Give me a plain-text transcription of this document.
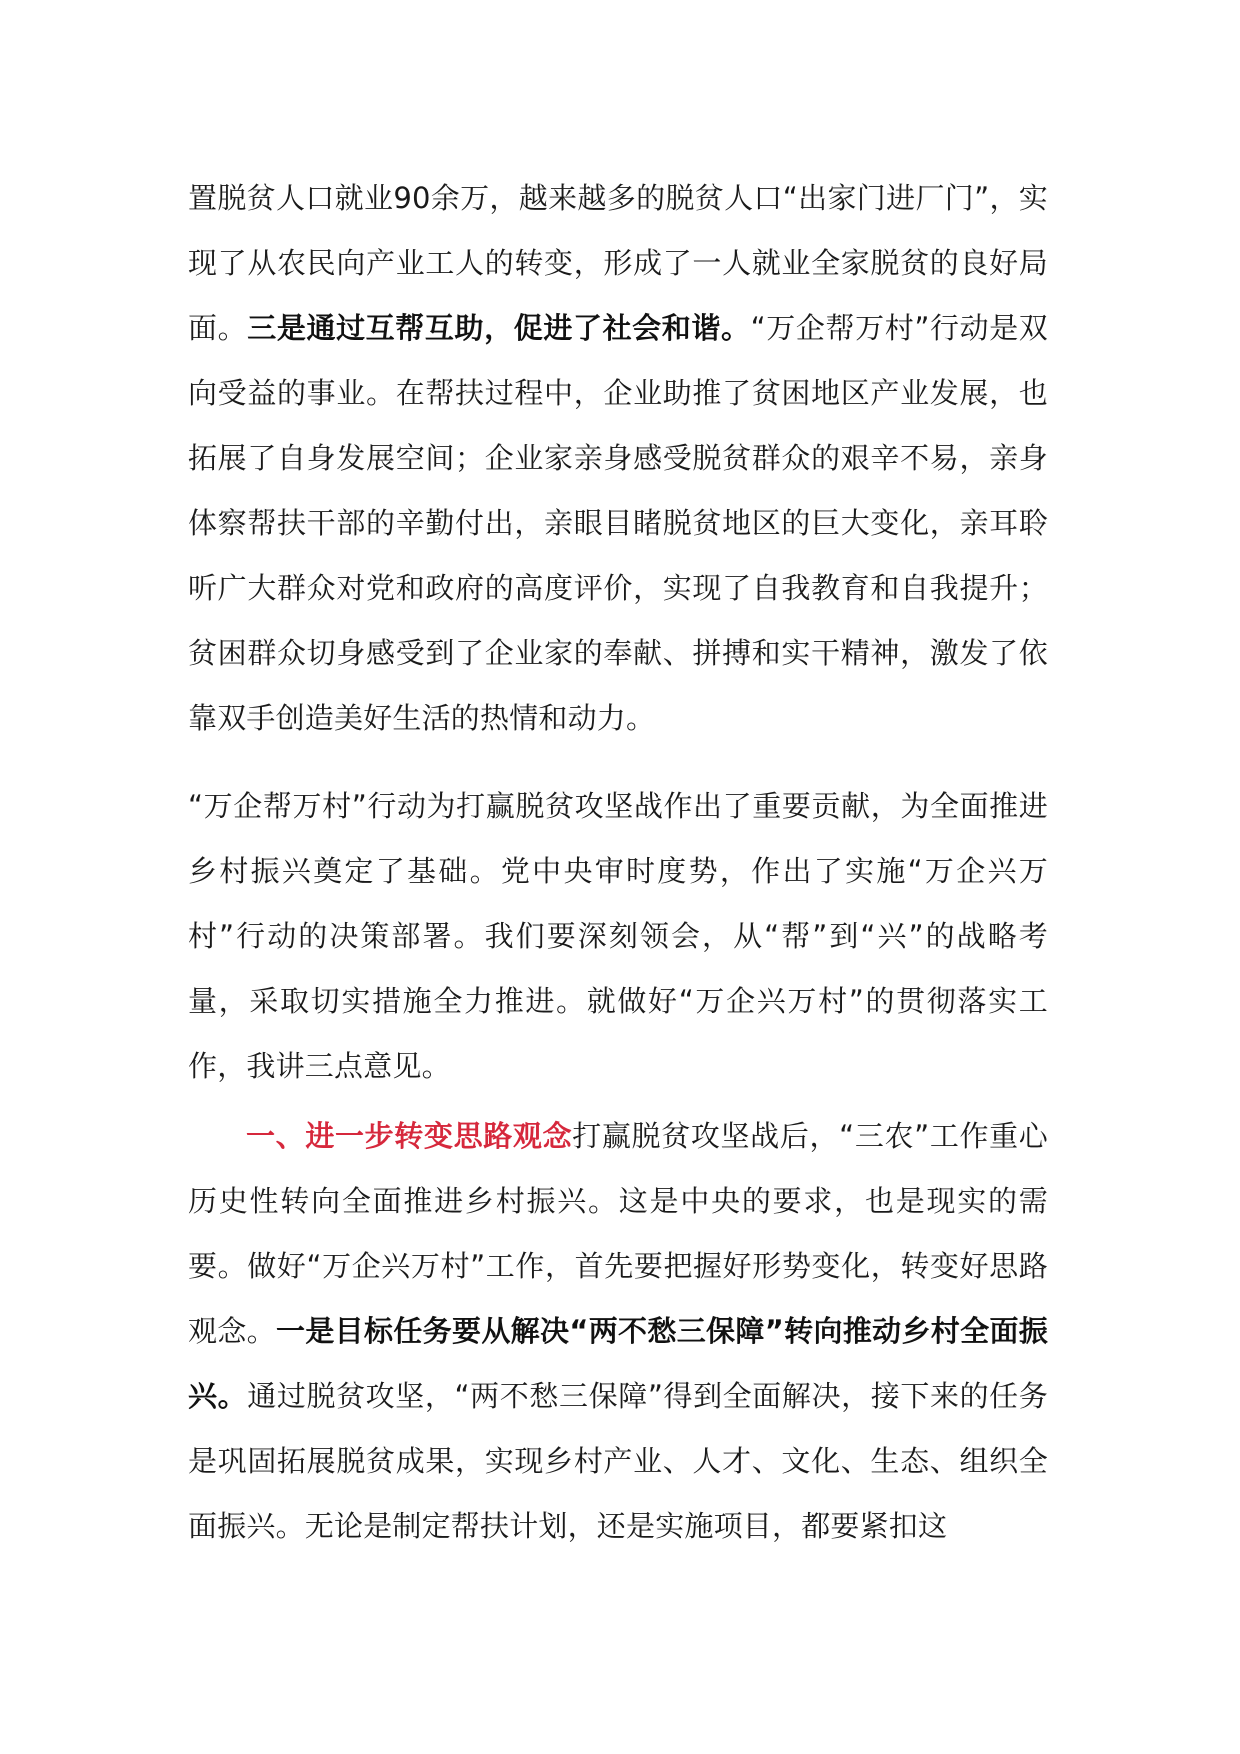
置脱贫人口就业90余万，越来越多的脱贫人口“出家门进厂门”，实现了从农民向产业工人的转变，形成了一人就业全家脱贫的良好局面。三是通过互帮互助，促进了社会和谐。“万企帮万村”行动是双向受益的事业。在帮扶过程中，企业助推了贫困地区产业发展，也拓展了自身发展空间；企业家亲身感受脱贫群众的艰辛不易，亲身体察帮扶干部的辛勤付出，亲眼目睹脱贫地区的巨大变化，亲耳聆听广大群众对党和政府的高度评价，实现了自我教育和自我提升；贫困群众切身感受到了企业家的奉献、拼搏和实干精神，激发了依靠双手创造美好生活的热情和动力。

“万企帮万村”行动为打赢脱贫攻坚战作出了重要贡献，为全面推进乡村振兴奠定了基础。党中央审时度势，作出了实施“万企兴万村”行动的决策部署。我们要深刻领会，从“帮”到“兴”的战略考量，采取切实措施全力推进。就做好“万企兴万村”的贯彻落实工作，我讲三点意见。

一、进一步转变思路观念打赢脱贫攻坚战后，“三农”工作重心历史性转向全面推进乡村振兴。这是中央的要求，也是现实的需要。做好“万企兴万村”工作，首先要把握好形势变化，转变好思路观念。一是目标任务要从解决“两不愁三保障”转向推动乡村全面振兴。通过脱贫攻坚，“两不愁三保障”得到全面解决，接下来的任务是巩固拓展脱贫成果，实现乡村产业、人才、文化、生态、组织全面振兴。无论是制定帮扶计划，还是实施项目，都要紧扣这
